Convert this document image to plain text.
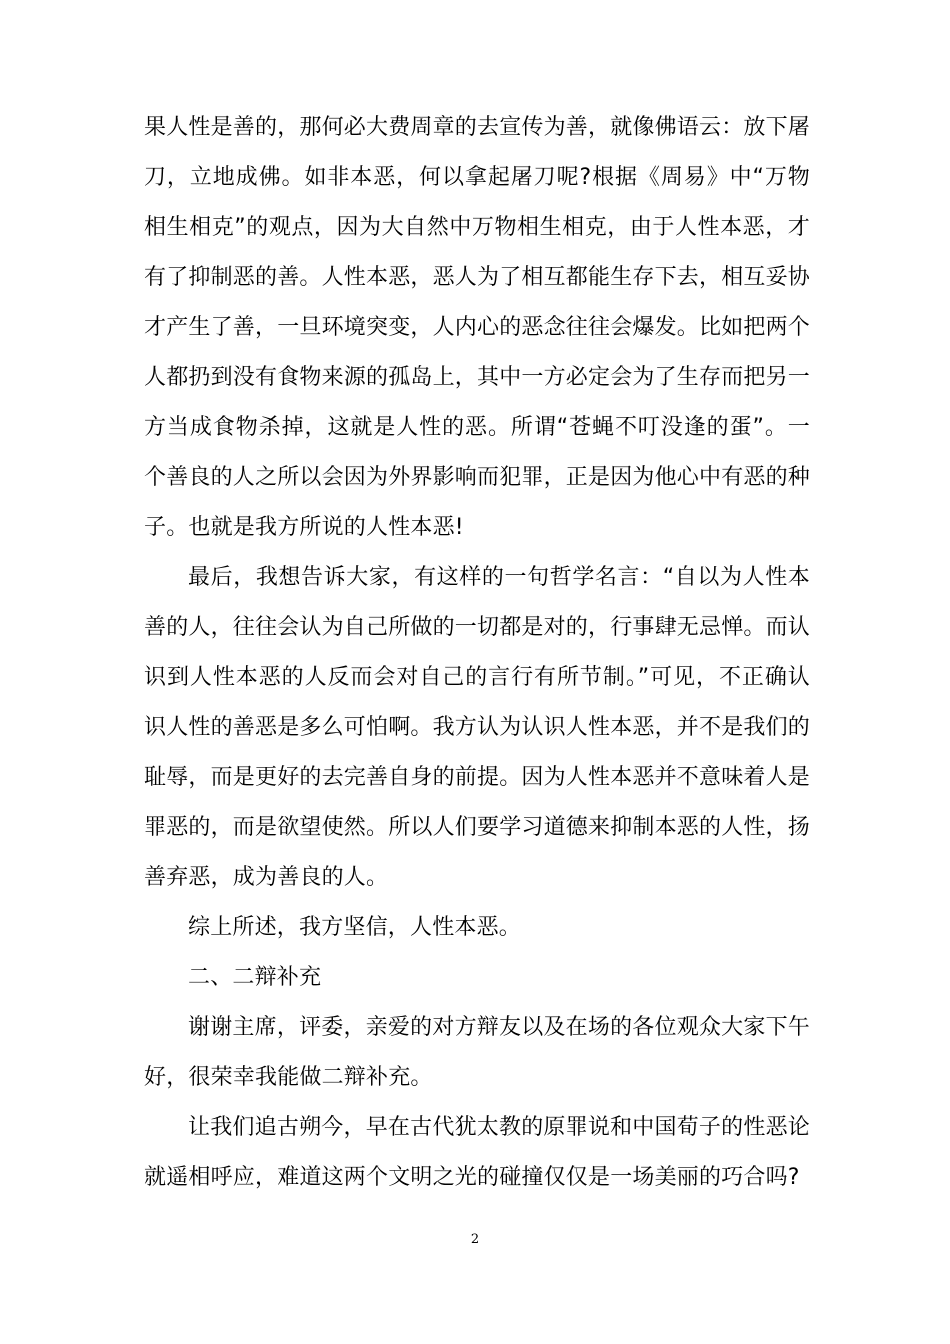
果人性是善的，那何必大费周章的去宣传为善，就像佛语云：放下屠刀，立地成佛。如非本恶，何以拿起屠刀呢?根据《周易》中“万物相生相克”的观点，因为大自然中万物相生相克，由于人性本恶，才有了抑制恶的善。人性本恶，恶人为了相互都能生存下去，相互妥协才产生了善，一旦环境突变，人内心的恶念往往会爆发。比如把两个人都扔到没有食物来源的孤岛上，其中一方必定会为了生存而把另一方当成食物杀掉，这就是人性的恶。所谓“苍蝇不叮没逢的蛋”。一个善良的人之所以会因为外界影响而犯罪，正是因为他心中有恶的种子。也就是我方所说的人性本恶!

最后，我想告诉大家，有这样的一句哲学名言：“自以为人性本善的人，往往会认为自己所做的一切都是对的，行事肆无忌惮。而认识到人性本恶的人反而会对自己的言行有所节制。”可见，不正确认识人性的善恶是多么可怕啊。我方认为认识人性本恶，并不是我们的耻辱，而是更好的去完善自身的前提。因为人性本恶并不意味着人是罪恶的，而是欲望使然。所以人们要学习道德来抑制本恶的人性，扬善弃恶，成为善良的人。

综上所述，我方坚信，人性本恶。

二、二辩补充

谢谢主席，评委，亲爱的对方辩友以及在场的各位观众大家下午好，很荣幸我能做二辩补充。

让我们追古朔今，早在古代犹太教的原罪说和中国荀子的性恶论就遥相呼应，难道这两个文明之光的碰撞仅仅是一场美丽的巧合吗?

2
